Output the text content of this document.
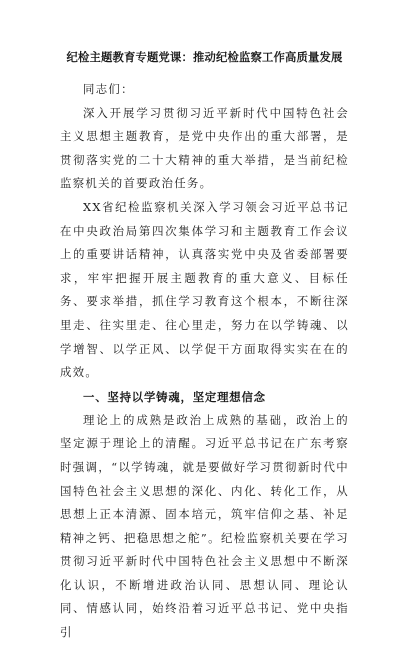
纪检主题教育专题党课：推动纪检监察工作高质量发展

同志们：

深入开展学习贯彻习近平新时代中国特色社会主义思想主题教育，是党中央作出的重大部署，是贯彻落实党的二十大精神的重大举措，是当前纪检监察机关的首要政治任务。

XX省纪检监察机关深入学习领会习近平总书记在中央政治局第四次集体学习和主题教育工作会议上的重要讲话精神，认真落实党中央及省委部署要求，牢牢把握开展主题教育的重大意义、目标任务、要求举措，抓住学习教育这个根本，不断往深里走、往实里走、往心里走，努力在以学铸魂、以学增智、以学正风、以学促干方面取得实实在在的成效。

一、坚持以学铸魂，坚定理想信念

理论上的成熟是政治上成熟的基础，政治上的坚定源于理论上的清醒。习近平总书记在广东考察时强调，“以学铸魂，就是要做好学习贯彻新时代中国特色社会主义思想的深化、内化、转化工作，从思想上正本清源、固本培元，筑牢信仰之基、补足精神之钙、把稳思想之舵”。纪检监察机关要在学习贯彻习近平新时代中国特色社会主义思想中不断深化认识，不断增进政治认同、思想认同、理论认同、情感认同，始终沿着习近平总书记、党中央指引
